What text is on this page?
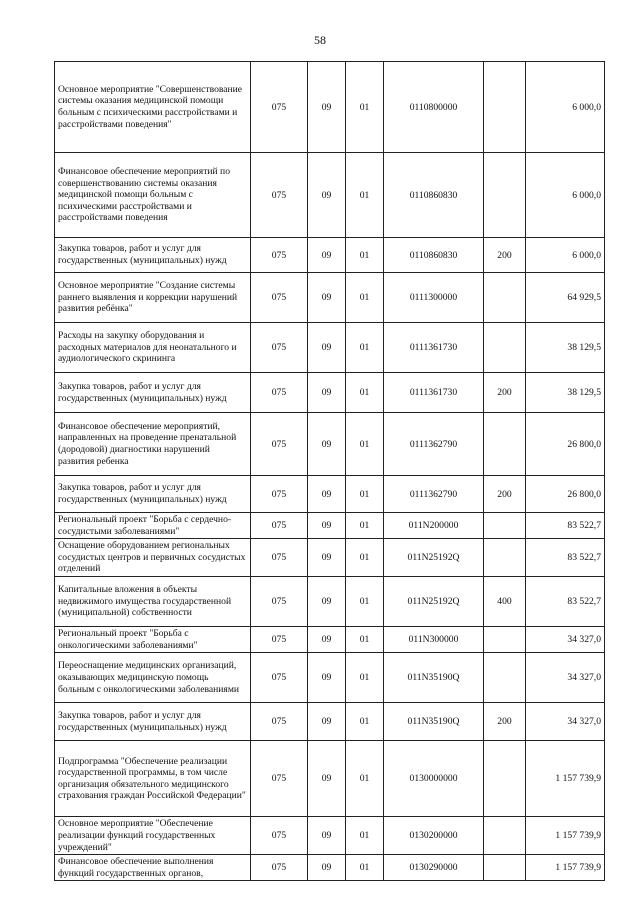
58
Основное мероприятие "Совершенствование системы оказания медицинской помощи больным с психическими расстройствами и расстройствами поведения"	075	09	01	0110800000		6 000,0
Финансовое обеспечение мероприятий по совершенствованию системы оказания медицинской помощи больным с психическими расстройствами и расстройствами поведения	075	09	01	0110860830		6 000,0
Закупка товаров, работ и услуг для государственных (муниципальных) нужд	075	09	01	0110860830	200	6 000,0
Основное мероприятие "Создание системы раннего выявления и коррекции нарушений развития ребёнка"	075	09	01	0111300000		64 929,5
Расходы на закупку оборудования и расходных материалов для неонатального и аудиологического скрининга	075	09	01	0111361730		38 129,5
Закупка товаров, работ и услуг для государственных (муниципальных) нужд	075	09	01	0111361730	200	38 129,5
Финансовое обеспечение мероприятий, направленных на проведение пренатальной (дородовой) диагностики нарушений развития ребенка	075	09	01	0111362790		26 800,0
Закупка товаров, работ и услуг для государственных (муниципальных) нужд	075	09	01	0111362790	200	26 800,0
Региональный проект "Борьба с сердечно-сосудистыми заболеваниями"	075	09	01	011N200000		83 522,7
Оснащение оборудованием региональных сосудистых центров и первичных сосудистых отделений	075	09	01	011N25192Q		83 522,7
Капитальные вложения в объекты недвижимого имущества государственной (муниципальной) собственности	075	09	01	011N25192Q	400	83 522,7
Региональный проект "Борьба с онкологическими заболеваниями"	075	09	01	011N300000		34 327,0
Переоснащение медицинских организаций, оказывающих медицинскую помощь больным с онкологическими заболеваниями	075	09	01	011N35190Q		34 327,0
Закупка товаров, работ и услуг для государственных (муниципальных) нужд	075	09	01	011N35190Q	200	34 327,0
Подпрограмма "Обеспечение реализации государственной программы, в том числе организация обязательного медицинского страхования граждан Российской Федерации"	075	09	01	0130000000		1 157 739,9
Основное мероприятие "Обеспечение реализации функций государственных учреждений"	075	09	01	0130200000		1 157 739,9
Финансовое обеспечение выполнения функций государственных органов,	075	09	01	0130290000		1 157 739,9
